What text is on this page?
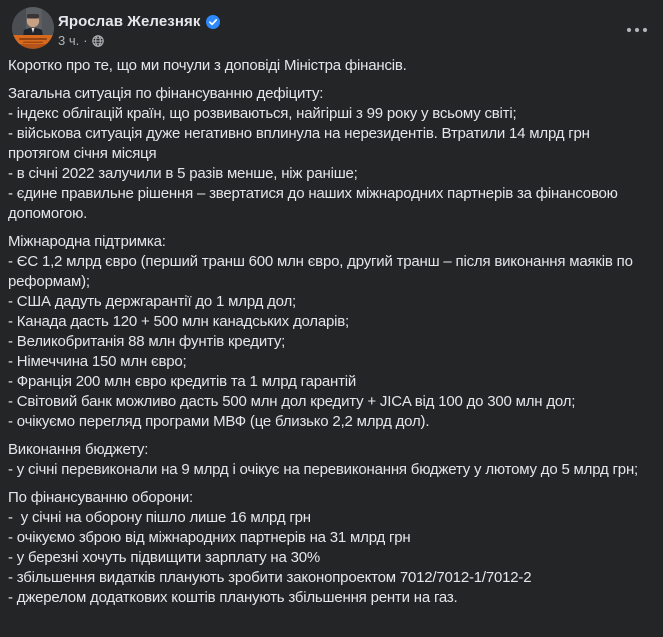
Ярослав Железняк
3 ч. ·
Коротко про те, що ми почули з доповіді Міністра фінансів.
Загальна ситуація по фінансуванню дефіциту:
- індекс облігацій країн, що розвиваються, найгірші з 99 року у всьому світі;
- військова ситуація дуже негативно вплинула на нерезидентів. Втратили 14 млрд грн протягом січня місяця
- в січні 2022 залучили в 5 разів менше, ніж раніше;
- єдине правильне рішення – звертатися до наших міжнародних партнерів за фінансовою допомогою.
Міжнародна підтримка:
- ЄС 1,2 млрд євро (перший транш 600 млн євро, другий транш – після виконання маяків по реформам);
- США дадуть держгарантії до 1 млрд дол;
- Канада дасть 120 + 500 млн канадських доларів;
- Великобританія 88 млн фунтів кредиту;
- Німеччина 150 млн євро;
- Франція 200 млн євро кредитів та 1 млрд гарантій
- Світовий банк можливо дасть 500 млн дол кредиту + JICA від 100 до 300 млн дол;
- очікуємо перегляд програми МВФ (це близько 2,2 млрд дол).
Виконання бюджету:
- у січні перевиконали на 9 млрд і очікує на перевиконання бюджету у лютому до 5 млрд грн;
По фінансуванню оборони:
-  у січні на оборону пішло лише 16 млрд грн
- очікуємо зброю від міжнародних партнерів на 31 млрд грн
- у березні хочуть підвищити зарплату на 30%
- збільшення видатків планують зробити законопроектом 7012/7012-1/7012-2
- джерелом додаткових коштів планують збільшення ренти на газ.
